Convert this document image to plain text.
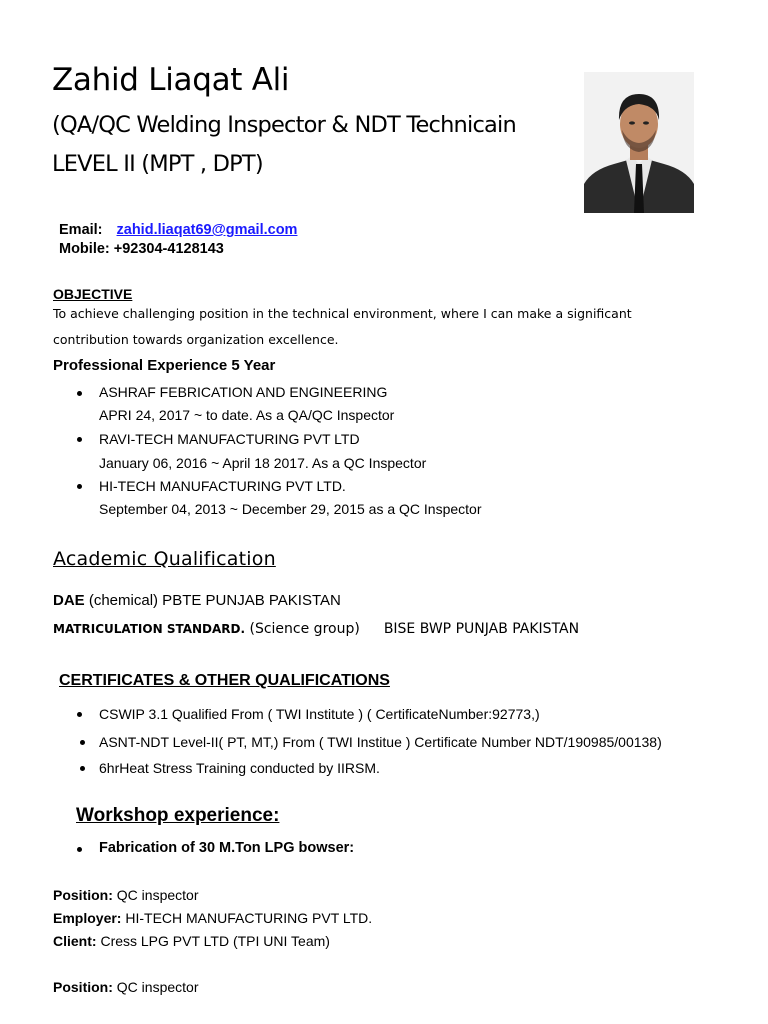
Zahid Liaqat Ali
(QA/QC Welding Inspector & NDT Technicain
LEVEL II (MPT , DPT)
Email: zahid.liaqat69@gmail.com
Mobile: +92304-4128143
OBJECTIVE
To achieve challenging position in the technical environment, where I can make a significant
contribution towards organization excellence.
Professional Experience 5 Year
ASHRAF FEBRICATION AND ENGINEERING
APRI 24, 2017 ~ to date. As a QA/QC Inspector
RAVI-TECH MANUFACTURING PVT LTD
January 06, 2016 ~ April 18 2017. As a QC Inspector
HI-TECH MANUFACTURING PVT LTD.
September 04, 2013 ~ December 29, 2015 as a QC Inspector
Academic Qualification
DAE (chemical) PBTE PUNJAB PAKISTAN
MATRICULATION STANDARD. (Science group) BISE BWP PUNJAB PAKISTAN
CERTIFICATES & OTHER QUALIFICATIONS
CSWIP 3.1 Qualified From ( TWI Institute ) ( CertificateNumber:92773,)
ASNT-NDT Level-II( PT, MT,) From ( TWI Institue ) Certificate Number NDT/190985/00138)
6hrHeat Stress Training conducted by IIRSM.
Workshop experience:
Fabrication of 30 M.Ton LPG bowser:
Position: QC inspector
Employer: HI-TECH MANUFACTURING PVT LTD.
Client: Cress LPG PVT LTD (TPI UNI Team)
Position: QC inspector
